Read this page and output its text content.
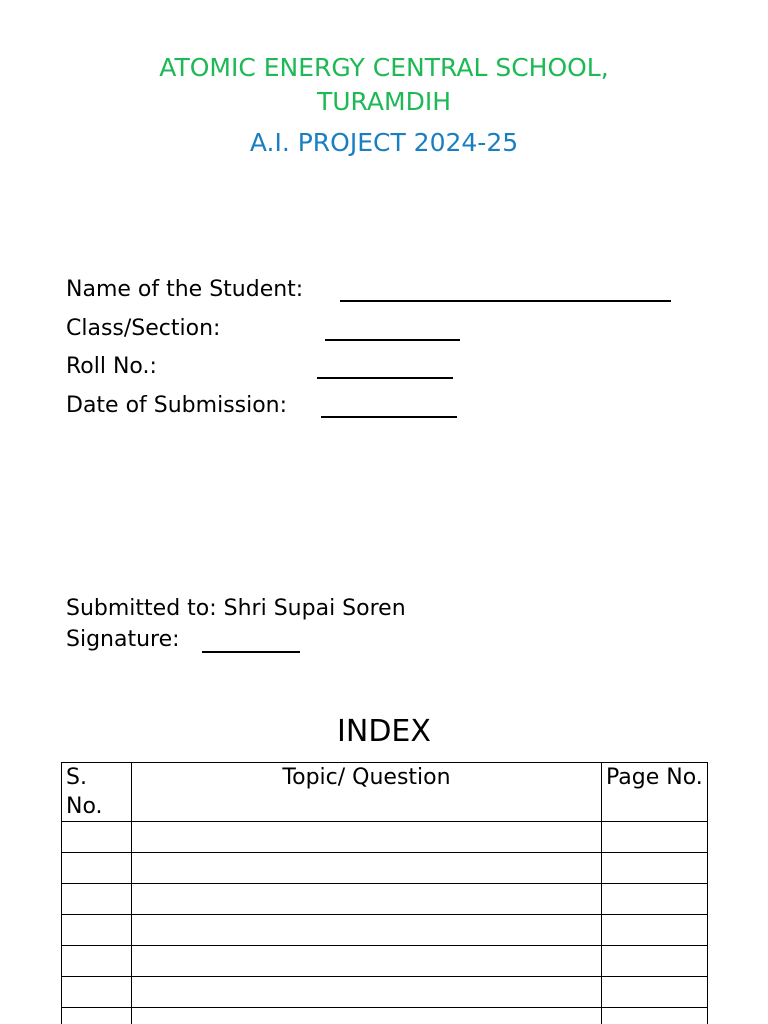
ATOMIC ENERGY CENTRAL SCHOOL,
TURAMDIH
A.I. PROJECT 2024-25
Name of the Student:
Class/Section:
Roll No.:
Date of Submission:
Submitted to: Shri Supai Soren
Signature:
INDEX
S. No.	Topic/ Question	Page No.
